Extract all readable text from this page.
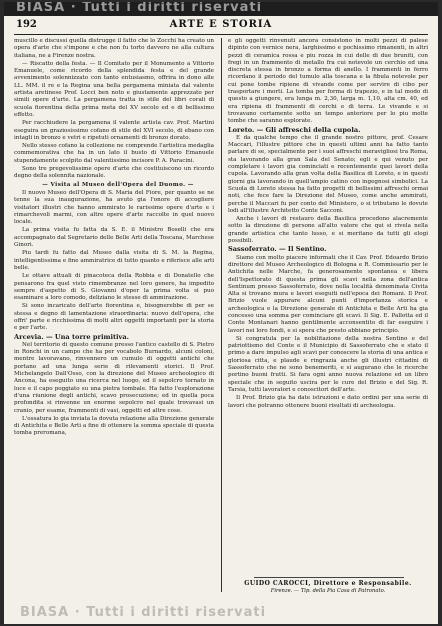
BIASA · Tutti i diritti riservati
192	ARTE E STORIA

muscillo e discussi quella distrugge il fatto che lo Zocchi ha creato un opera d'arte che s'impone e che non fu torto davvero ne alla cultura italiana, ne a Firenze nostra.

— Riscatto della festa. — Il Comitato per il Monumento a Vittorio Emanuele, come ricordo della splendida festa e del grande avvenimento solennizzato con tanto entusiasmo, offrira in dono alle LL. MM. il re e la Regina una bella pergamena miniata dal valente artista aretinese Prof. Locci ben noto e giustamente apprezzato per simili opere d'arte. La pergamena tratta in stile del libri corali di scuola fiorentina della prima meta del XV secolo ed e di bellissimo effetto.

Per racchiudere la pergamena il valente artista cav. Prof. Martini eseguira un graziosissimo cofano di stile del XVI secolo, di ebano con intagli in bronzo e vetri e ripetuti ornamenti di bronzo dorato.

Nello stesso cofano la collezione ne comprende l'artistica medaglia commemorativa che ha in un lato il busto di Vittorio Emanuele stupendamente scolpito dal valentissimo incisore P. A. Paracini.

Sono tre pregevolissime opere d'arte che costituiscono un ricordo degno della solennita nazionale.

— Visita al Museo dell'Opera del Duomo. —

Il nuovo Museo dell'Opera di S. Maria del Fiore, per quanto se ne tenne la sua inaugurazione, ha avuto gia l'onore di accogliere visitatori illustri che hanno ammirato le rarissime opere d'arte e i rimarchevoli marmi, con altre opere d'arte raccolte in quel nuovo locale.

La prima visita fu fatta da S. E. il Ministro Boselli che era accompagnato dal Segretario delle Belle Arti della Toscana, Marchese Ginori.

Piu tardi fu fatto dal Museo dalla visita di S. M. la Regina, intelligentissima e fine ammiratrice di tutto quanto e riferisce alle arti belle.

Le ottave attuali di pinacoteca della Robbia e di Donatello che pensarono fra quel visto rimembranze nel loro genere, ha impedito sempre d'aspetto di S. Giovanni d'oper la prima volta si puo esaminare a loro comodo, deliziano le stesse di ammirazione.

Si sono incaricato dell'arte fiorentina e, bisognerebbe di per se stessa e degno di lamentazione straordinaria: nuovo dell'opera, che offri' parte e ricchissima di molti altri oggetti importanti per la storia e per l'arte.

Arcevia. — Una torre primitiva.

Nel territorio di questo comune presso l'antico castello di S. Pietro in Ronchi in un campo che ha per vocabolo Burnardo, alcuni coloni, mentre lavoravano, rinvennero un cumulo di oggetti antichi che portano ad una lunga serie di rilevamenti storici. Il Prof. Michelangelo Dall'Osso, con la direzione del Museo archeologico di Ancona, ha eseguito una ricerca nel luogo, ed il sepolcro tornato in luce e il capo poggiato su una pietra tombale. Ha fatto l'esplorazione d'una riunione degli antichi, scavo prosecuzione; ed in quella poca profondita si rinvenne un enorme sepolcro nel quale trovavasi un cranio, per esame, frammenti di vasi, oggetti ed altre cose.

L'ossatura lo gia inviata la dovuta relazione alla Direzione generale di Antichita e Belle Arti a fine di ottenere la somma speciale di questa tomba preromana,

e gli oggetti rinvenuti ancora consistono in molti pezzi di palese dipinto con vernice nera, larghissimo e pochissimo rimanenti, in altri pezzi di ceramica rossa e piu rozza in cui delle di due bruniti, con fregi in un frammento di metallo fra cui notevole un cerchio ed una discreta stessa in bronzo a forma di anello. I frammenti in ferro ricordano il periodo del tumulo alla toscana e la fibula notevole per cui pone tombe ripiene di vivande come per servire di cibo per trasportare i morti. La tomba per forma di trapezio, e in tal modo di questo a giungere, era lunga m. 2,30, larga m. 1,10, alta cm. 40, ed era ripiena di frammenti di cerchi e di terra. Le vivande e si trovavano certamente sotto un tempo anteriore per lo piu molte tombe che saranno esplorate.

Loreto. — Gli affreschi della cupola.

E da qualche tempo che il grande nostro pittore, prof. Cesare Maccari, l'illustre pittore che in questi ultimi anni ha fatto tanto parlare di se, specialmente per i suoi affreschi meravigliosi tra Roma, sta lavorando alla gran Sala del Senato; egli e qui venuto per completare i lavori gia cominciati e recentemente quei lavori della cupola. Lavorando alla gran volta della Basilica di Loreto, e in questi giorni gia lavorando in quell'ampio catino con ingegnosi simbolici. La Scuola di Loreto stessa ha fatto progetti di bellissimi affreschi ormai noti, che fece fare la Direzione del Museo, come anche ammirati, perche il Maccari fu per conto del Ministero, o si tributano le dovute lodi all'illustre Architetto Conte Sacconi.

Anche i lavori di restauro della Basilica procedono alacremente sotto la direzione di persone all'alto valore che qui si rivela nella grande artistica che tanto lusso, e si meritano da tutti gli elogi possibili.

Sassoferrato. — Il Sentino.

Siamo con molto piacere informati che il Cav. Prof. Edoardo Brizio direttore del Museo Archeologico di Bologna e R. Commissario per le Antichita nelle Marche, fa generosamente spontanea e libera dell'Ispettorato di questa prima gli scavi nella zona dell'antica Sentinum presso Sassoferrato, dove nella località denominata Civita Alta si trovano mura e lavori eseguiti nell'epoca dei Romani. Il Prof. Brizio vuole appurare alcuni punti d'importanza storica e archeologica e la Direzione generale di Antichita e Belle Arti ha gia concesso una somma per cominciare gli scavi. Il Sig. E. Pallotta ed il Conte Montanari hanno gentilmente acconsentito di far eseguire i lavori nei loro fondi, e si spera che presto abbiano principio.

Si congratula per la nobilitazione della nostra Sentino e del patriottismo del Conte e il Municipio di Sassoferrato che e stato il primo a dare impulso agli scavi per conoscere la storia di una antica e gloriosa citta, e plaude e ringrazia anche gli illustri cittadini di Sassoferrato che ne sono benemeriti, e si augurano che le ricerche portino buoni frutti. Si fara ogni anno nuova relazione ed un libro speciale che in seguito uscira per le cure del Brizio e del Sig. R. Tarsia, tutti lavoratori e conoscitori dell'arte.

Il Prof. Brizio gia ha date istruzioni e dato ordini per una serie di lavori che potranno ottenere buoni risultati di archeologia.

GUIDO CAROCCI, Direttore e Responsabile.
Firenze. — Tip. della Pia Casa di Patronato.
BIASA · Tutti i diritti riservati
